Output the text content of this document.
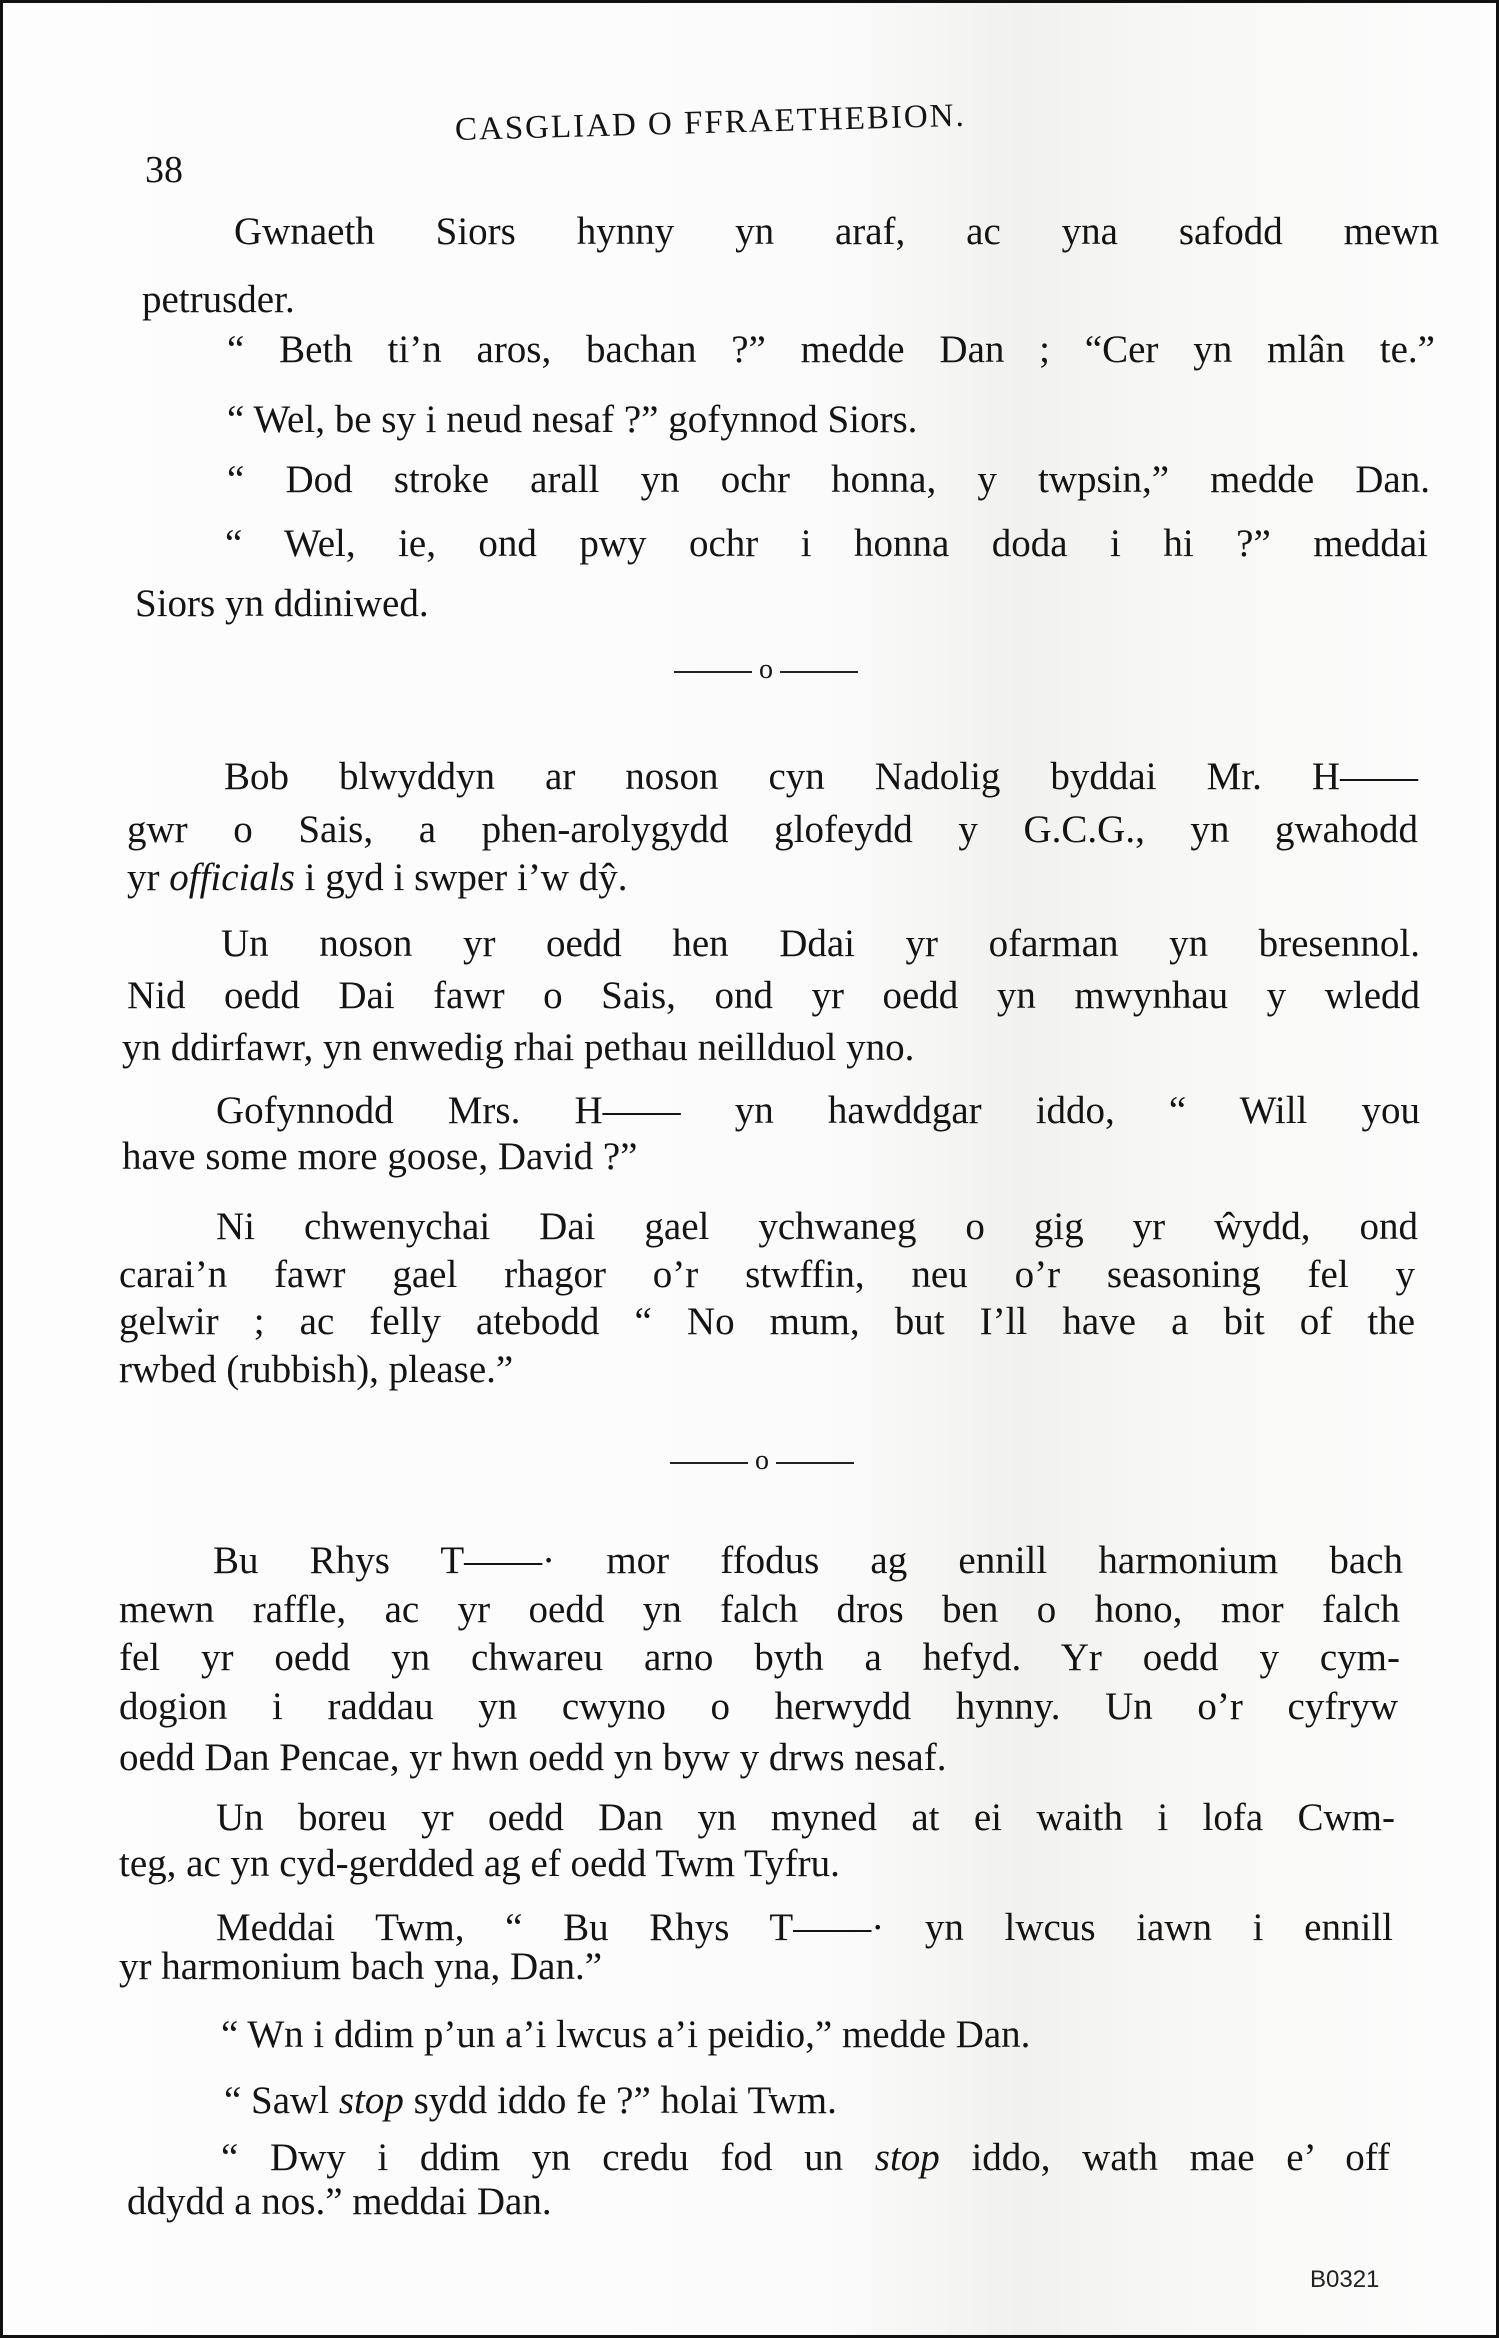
38
CASGLIAD O FFRAETHEBION.
o
o
Gwnaeth Siors hynny yn araf, ac yna safodd mewn
petrusder.
“ Beth ti’n aros, bachan ?” medde Dan ; “Cer yn mlân te.”
“ Wel, be sy i neud nesaf ?” gofynnod Siors.
“ Dod stroke arall yn ochr honna, y twpsin,” medde Dan.
“ Wel, ie, ond pwy ochr i honna doda i hi ?” meddai
Siors yn ddiniwed.
Bob blwyddyn ar noson cyn Nadolig byddai Mr. H——
gwr o Sais, a phen-arolygydd glofeydd y G.C.G., yn gwahodd
yr officials i gyd i swper i’w dŷ.
Un noson yr oedd hen Ddai yr ofarman yn bresennol.
Nid oedd Dai fawr o Sais, ond yr oedd yn mwynhau y wledd
yn ddirfawr, yn enwedig rhai pethau neillduol yno.
Gofynnodd Mrs. H—— yn hawddgar iddo, “ Will you
have some more goose, David ?”
Ni chwenychai Dai gael ychwaneg o gig yr ŵydd, ond
carai’n fawr gael rhagor o’r stwffin, neu o’r seasoning fel y
gelwir ; ac felly atebodd “ No mum, but I’ll have a bit of the
rwbed (rubbish), please.”
Bu Rhys T——· mor ffodus ag ennill harmonium bach
mewn raffle, ac yr oedd yn falch dros ben o hono, mor falch
fel yr oedd yn chwareu arno byth a hefyd. Yr oedd y cym-
dogion i raddau yn cwyno o herwydd hynny. Un o’r cyfryw
oedd Dan Pencae, yr hwn oedd yn byw y drws nesaf.
Un boreu yr oedd Dan yn myned at ei waith i lofa Cwm-
teg, ac yn cyd-gerdded ag ef oedd Twm Tyfru.
Meddai Twm, “ Bu Rhys T——· yn lwcus iawn i ennill
yr harmonium bach yna, Dan.”
“ Wn i ddim p’un a’i lwcus a’i peidio,” medde Dan.
“ Sawl stop sydd iddo fe ?” holai Twm.
“ Dwy i ddim yn credu fod un stop iddo, wath mae e’ off
ddydd a nos.” meddai Dan.
B0321
